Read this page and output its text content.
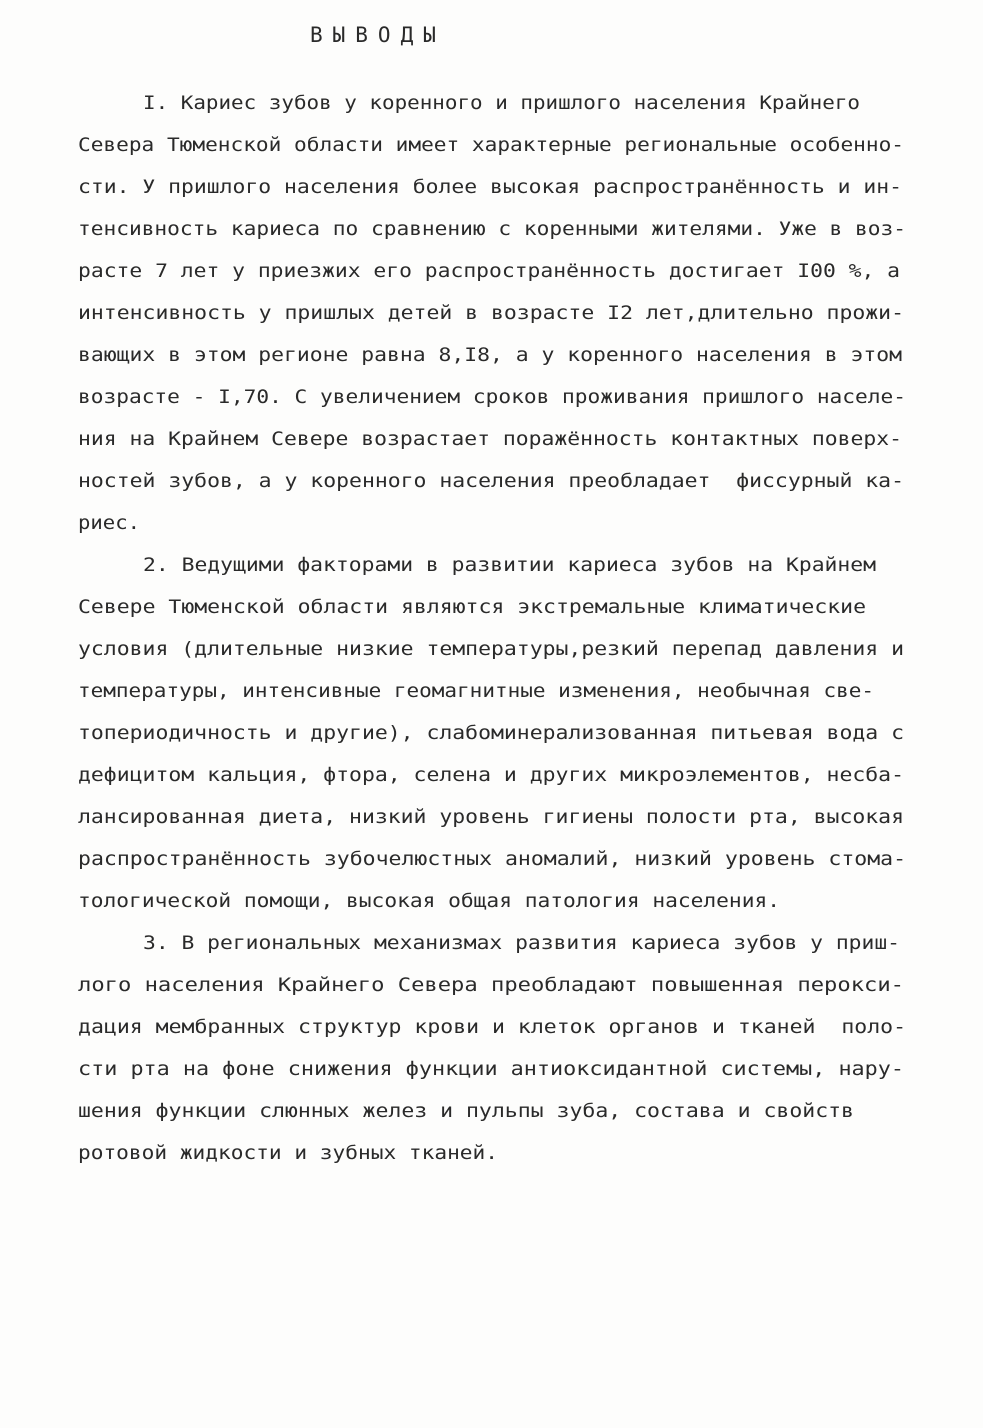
ВЫВОДЫ
I. Кариес зубов у коренного и пришлого населения Крайнего
Севера Тюменской области имеет характерные региональные особенно-
сти. У пришлого населения более высокая распространённость и ин-
тенсивность кариеса по сравнению с коренными жителями. Уже в воз-
расте 7 лет у приезжих его распространённость достигает I00 %, а
интенсивность у пришлых детей в возрасте I2 лет,длительно прожи-
вающих в этом регионе равна 8,I8, а у коренного населения в этом
возрасте - I,70. С увеличением сроков проживания пришлого населе-
ния на Крайнем Севере возрастает поражённость контактных поверх-
ностей зубов, а у коренного населения преобладает  фиссурный ка-
риес.
2. Ведущими факторами в развитии кариеса зубов на Крайнем
Севере Тюменской области являются экстремальные климатические
условия (длительные низкие температуры,резкий перепад давления и
температуры, интенсивные геомагнитные изменения, необычная све-
топериодичность и другие), слабоминерализованная питьевая вода с
дефицитом кальция, фтора, селена и других микроэлементов, несба-
лансированная диета, низкий уровень гигиены полости рта, высокая
распространённость зубочелюстных аномалий, низкий уровень стома-
тологической помощи, высокая общая патология населения.
3. В региональных механизмах развития кариеса зубов у приш-
лого населения Крайнего Севера преобладают повышенная перокси-
дация мембранных структур крови и клеток органов и тканей  поло-
сти рта на фоне снижения функции антиоксидантной системы, нару-
шения функции слюнных желез и пульпы зуба, состава и свойств
ротовой жидкости и зубных тканей.
